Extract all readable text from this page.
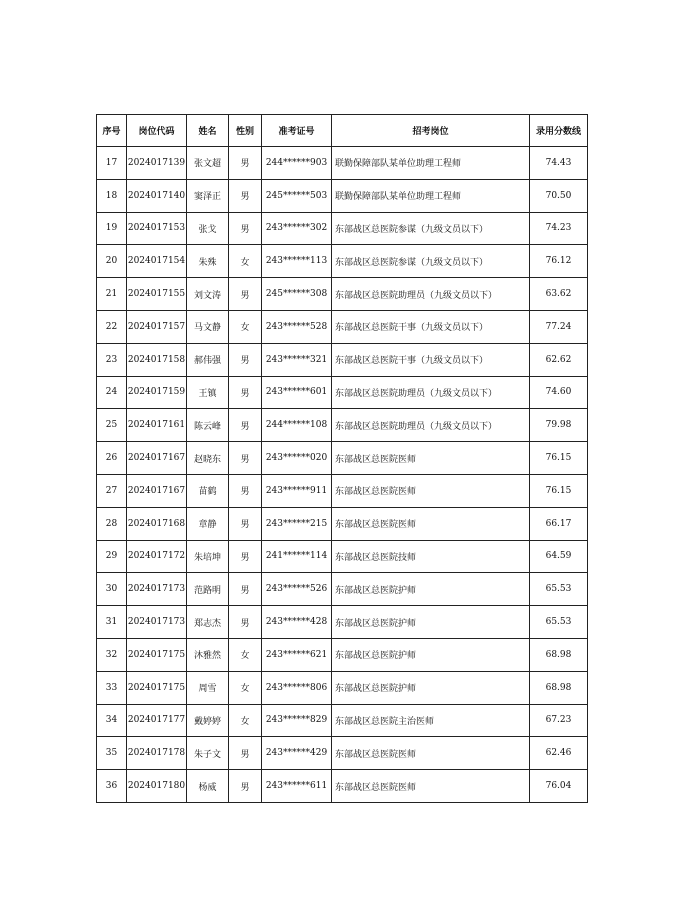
序号	岗位代码	姓名	性别	准考证号	招考岗位	录用分数线
17	2024017139	张文超	男	244******903	联勤保障部队某单位助理工程师	74.43
18	2024017140	窦泽正	男	245******503	联勤保障部队某单位助理工程师	70.50
19	2024017153	张戈	男	243******302	东部战区总医院参谋（九级文员以下）	74.23
20	2024017154	朱殊	女	243******113	东部战区总医院参谋（九级文员以下）	76.12
21	2024017155	刘文涛	男	245******308	东部战区总医院助理员（九级文员以下）	63.62
22	2024017157	马文静	女	243******528	东部战区总医院干事（九级文员以下）	77.24
23	2024017158	郝伟强	男	243******321	东部战区总医院干事（九级文员以下）	62.62
24	2024017159	王镇	男	243******601	东部战区总医院助理员（九级文员以下）	74.60
25	2024017161	陈云峰	男	244******108	东部战区总医院助理员（九级文员以下）	79.98
26	2024017167	赵晓东	男	243******020	东部战区总医院医师	76.15
27	2024017167	苗鹤	男	243******911	东部战区总医院医师	76.15
28	2024017168	章静	男	243******215	东部战区总医院医师	66.17
29	2024017172	朱培坤	男	241******114	东部战区总医院技师	64.59
30	2024017173	范路明	男	243******526	东部战区总医院护师	65.53
31	2024017173	郑志杰	男	243******428	东部战区总医院护师	65.53
32	2024017175	沐雅然	女	243******621	东部战区总医院护师	68.98
33	2024017175	周雪	女	243******806	东部战区总医院护师	68.98
34	2024017177	戴婷婷	女	243******829	东部战区总医院主治医师	67.23
35	2024017178	朱子文	男	243******429	东部战区总医院医师	62.46
36	2024017180	杨威	男	243******611	东部战区总医院医师	76.04
